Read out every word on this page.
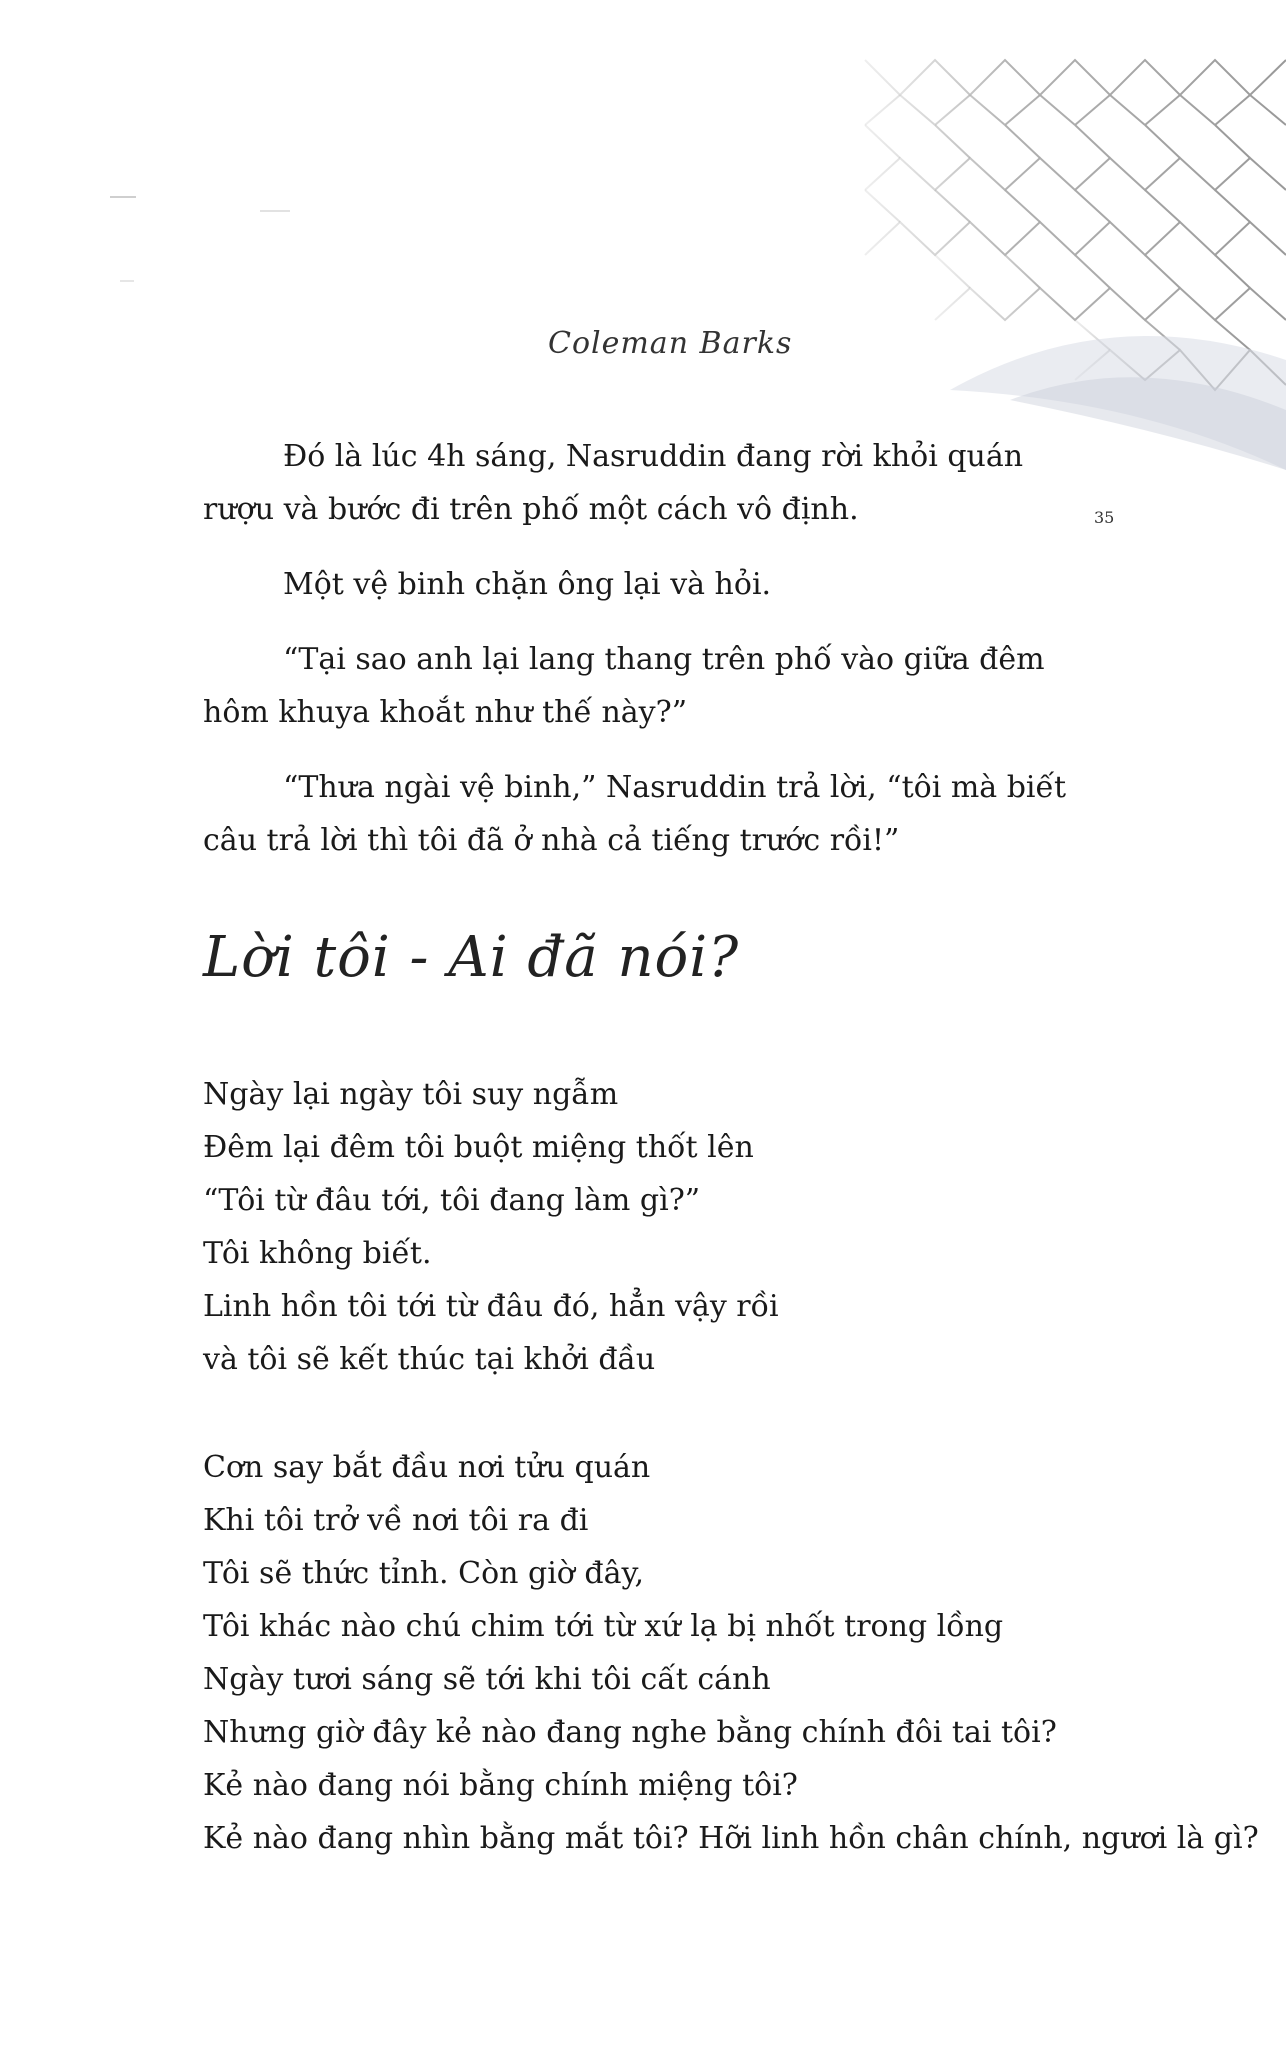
Coleman Barks
35

Đó là lúc 4h sáng, Nasruddin đang rời khỏi quán rượu và bước đi trên phố một cách vô định.

Một vệ binh chặn ông lại và hỏi.

“Tại sao anh lại lang thang trên phố vào giữa đêm hôm khuya khoắt như thế này?”

“Thưa ngài vệ binh,” Nasruddin trả lời, “tôi mà biết câu trả lời thì tôi đã ở nhà cả tiếng trước rồi!”

Lời tôi - Ai đã nói?
Ngày lại ngày tôi suy ngẫm
Đêm lại đêm tôi buột miệng thốt lên
“Tôi từ đâu tới, tôi đang làm gì?”
Tôi không biết.
Linh hồn tôi tới từ đâu đó, hẳn vậy rồi
và tôi sẽ kết thúc tại khởi đầu
Cơn say bắt đầu nơi tửu quán
Khi tôi trở về nơi tôi ra đi
Tôi sẽ thức tỉnh. Còn giờ đây,
Tôi khác nào chú chim tới từ xứ lạ bị nhốt trong lồng
Ngày tươi sáng sẽ tới khi tôi cất cánh
Nhưng giờ đây kẻ nào đang nghe bằng chính đôi tai tôi?
Kẻ nào đang nói bằng chính miệng tôi?
Kẻ nào đang nhìn bằng mắt tôi? Hỡi linh hồn chân chính, ngươi là gì?
